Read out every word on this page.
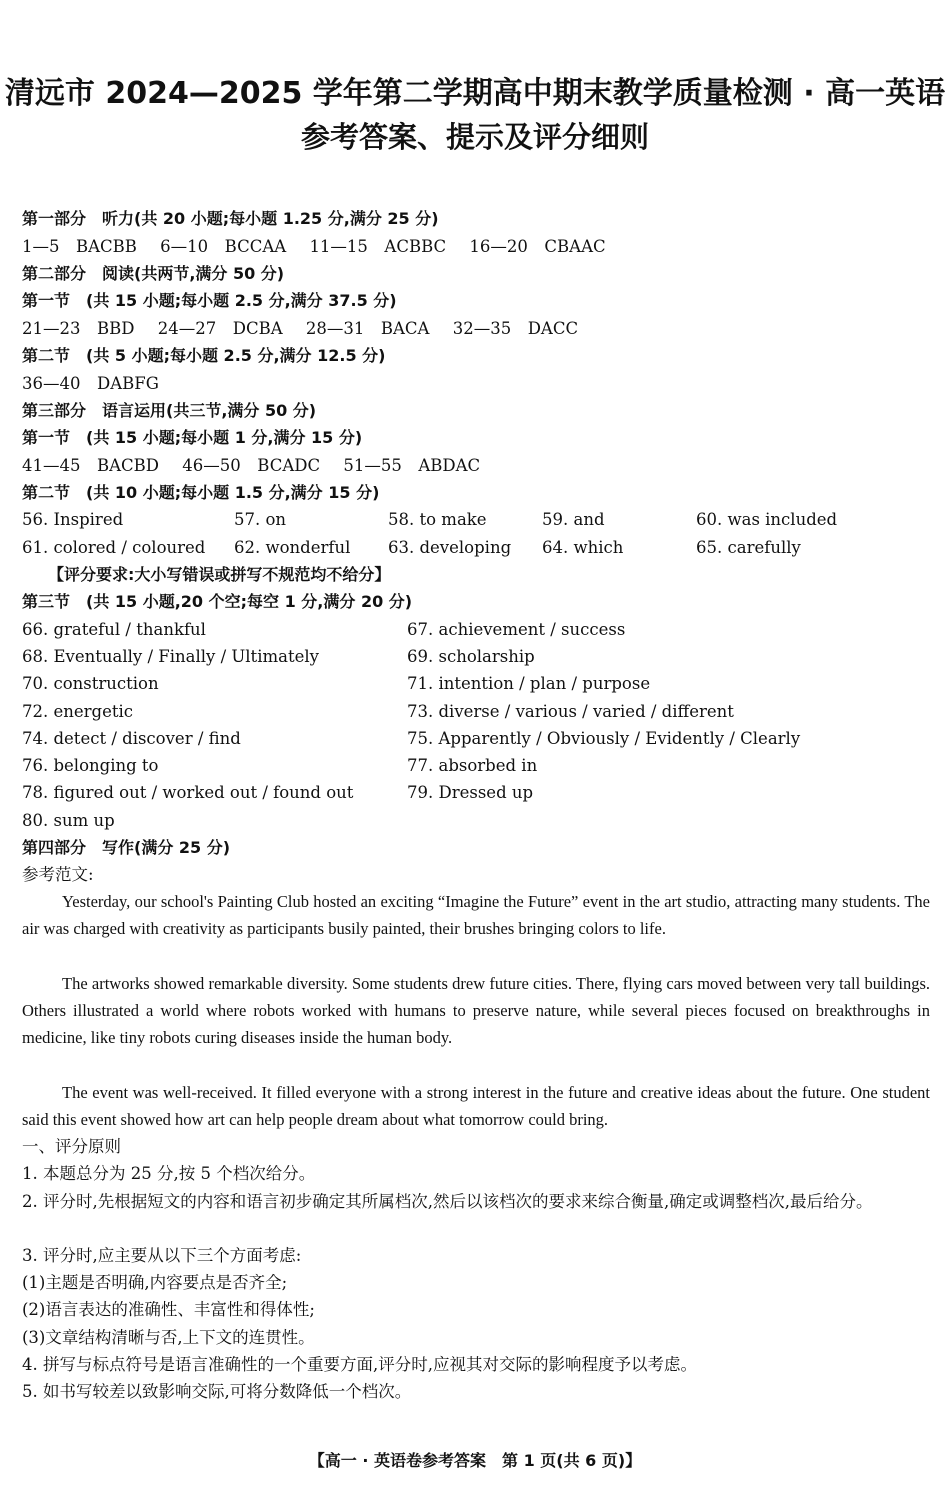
清远市 2024—2025 学年第二学期高中期末教学质量检测 · 高一英语
参考答案、提示及评分细则
第一部分　听力(共 20 小题;每小题 1.25 分,满分 25 分)
1—5　BACBB 6—10　BCCAA 11—15　ACBBC 16—20　CBAAC
第二部分　阅读(共两节,满分 50 分)
第一节　(共 15 小题;每小题 2.5 分,满分 37.5 分)
21—23　BBD 24—27　DCBA 28—31　BACA 32—35　DACC
第二节　(共 5 小题;每小题 2.5 分,满分 12.5 分)
36—40　DABFG
第三部分　语言运用(共三节,满分 50 分)
第一节　(共 15 小题;每小题 1 分,满分 15 分)
41—45　BACBD 46—50　BCADC 51—55　ABDAC
第二节　(共 10 小题;每小题 1.5 分,满分 15 分)
56. Inspired	57. on	58. to make	59. and	60. was included
61. colored / coloured 62. wonderful 63. developing 64. which	65. carefully
【评分要求:大小写错误或拼写不规范均不给分】
第三节　(共 15 小题,20 个空;每空 1 分,满分 20 分)
66. grateful / thankful	67. achievement / success
68. Eventually / Finally / Ultimately	69. scholarship
70. construction	71. intention / plan / purpose
72. energetic	73. diverse / various / varied / different
74. detect / discover / find	75. Apparently / Obviously / Evidently / Clearly
76. belonging to	77. absorbed in
78. figured out / worked out / found out	79. Dressed up
80. sum up
第四部分　写作(满分 25 分)
参考范文:
Yesterday, our school's Painting Club hosted an exciting “Imagine the Future” event in the art studio, attracting many students. The air was charged with creativity as participants busily painted, their brushes bringing colors to life.
The artworks showed remarkable diversity. Some students drew future cities. There, flying cars moved between very tall buildings. Others illustrated a world where robots worked with humans to preserve nature, while several pieces focused on breakthroughs in medicine, like tiny robots curing diseases inside the human body.
The event was well-received. It filled everyone with a strong interest in the future and creative ideas about the future. One student said this event showed how art can help people dream about what tomorrow could bring.
一、评分原则
1. 本题总分为 25 分,按 5 个档次给分。
2. 评分时,先根据短文的内容和语言初步确定其所属档次,然后以该档次的要求来综合衡量,确定或调整档次,最后给分。
3. 评分时,应主要从以下三个方面考虑:
(1)主题是否明确,内容要点是否齐全;
(2)语言表达的准确性、丰富性和得体性;
(3)文章结构清晰与否,上下文的连贯性。
4. 拼写与标点符号是语言准确性的一个重要方面,评分时,应视其对交际的影响程度予以考虑。
5. 如书写较差以致影响交际,可将分数降低一个档次。
【高一 · 英语卷参考答案　第 1 页(共 6 页)】
